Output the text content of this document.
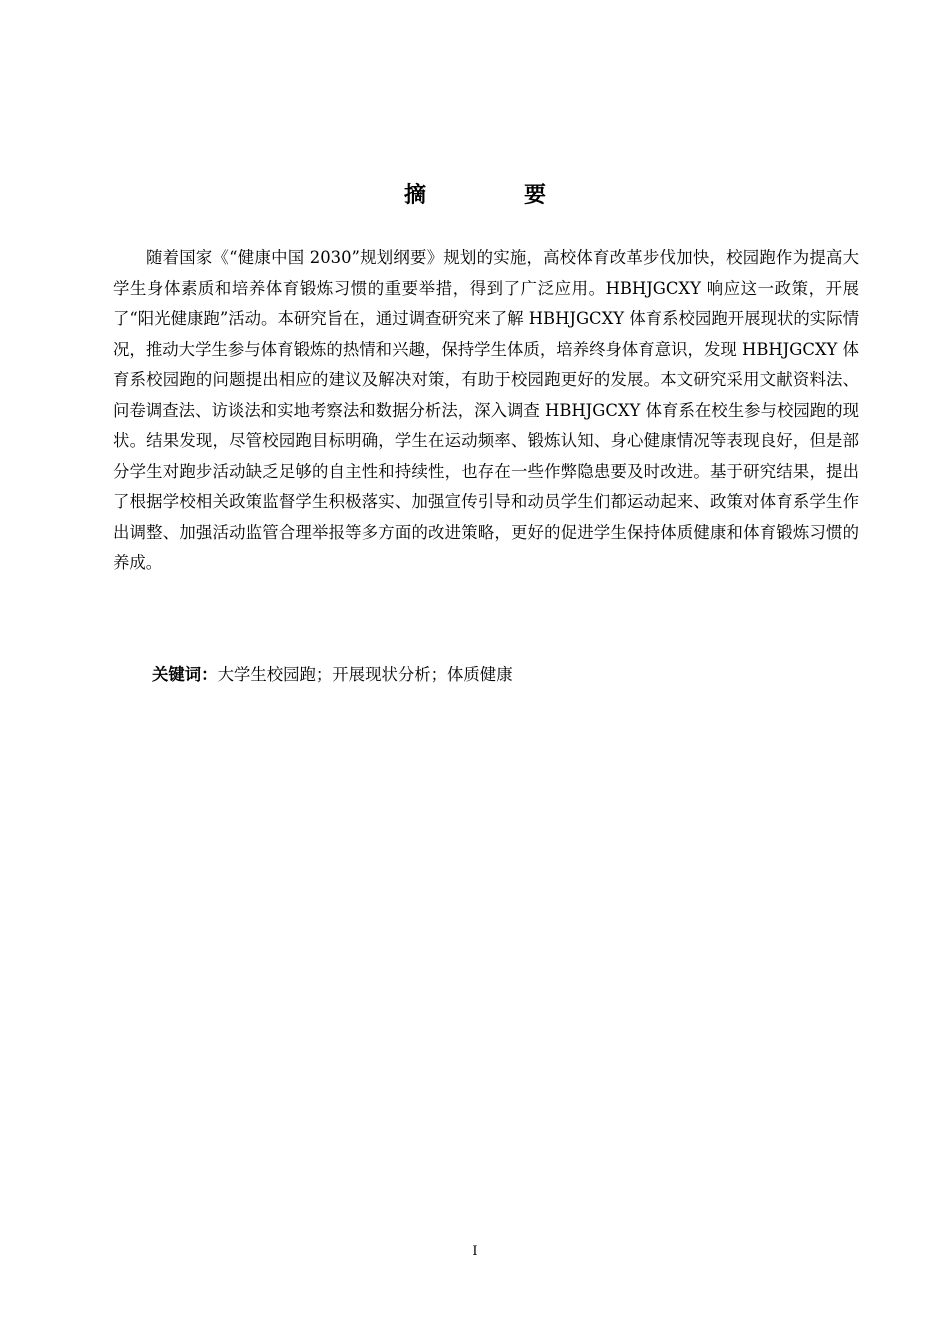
摘　要

随着国家《“健康中国 2030”规划纲要》规划的实施，高校体育改革步伐加快，校园跑作为提高大学生身体素质和培养体育锻炼习惯的重要举措，得到了广泛应用。HBHJGCXY 响应这一政策，开展了“阳光健康跑”活动。本研究旨在，通过调查研究来了解 HBHJGCXY 体育系校园跑开展现状的实际情况，推动大学生参与体育锻炼的热情和兴趣，保持学生体质，培养终身体育意识，发现 HBHJGCXY 体育系校园跑的问题提出相应的建议及解决对策，有助于校园跑更好的发展。本文研究采用文献资料法、问卷调查法、访谈法和实地考察法和数据分析法，深入调查 HBHJGCXY 体育系在校生参与校园跑的现状。结果发现，尽管校园跑目标明确，学生在运动频率、锻炼认知、身心健康情况等表现良好，但是部分学生对跑步活动缺乏足够的自主性和持续性，也存在一些作弊隐患要及时改进。基于研究结果，提出了根据学校相关政策监督学生积极落实、加强宣传引导和动员学生们都运动起来、政策对体育系学生作出调整、加强活动监管合理举报等多方面的改进策略，更好的促进学生保持体质健康和体育锻炼习惯的养成。

关键词：大学生校园跑；开展现状分析；体质健康

I
